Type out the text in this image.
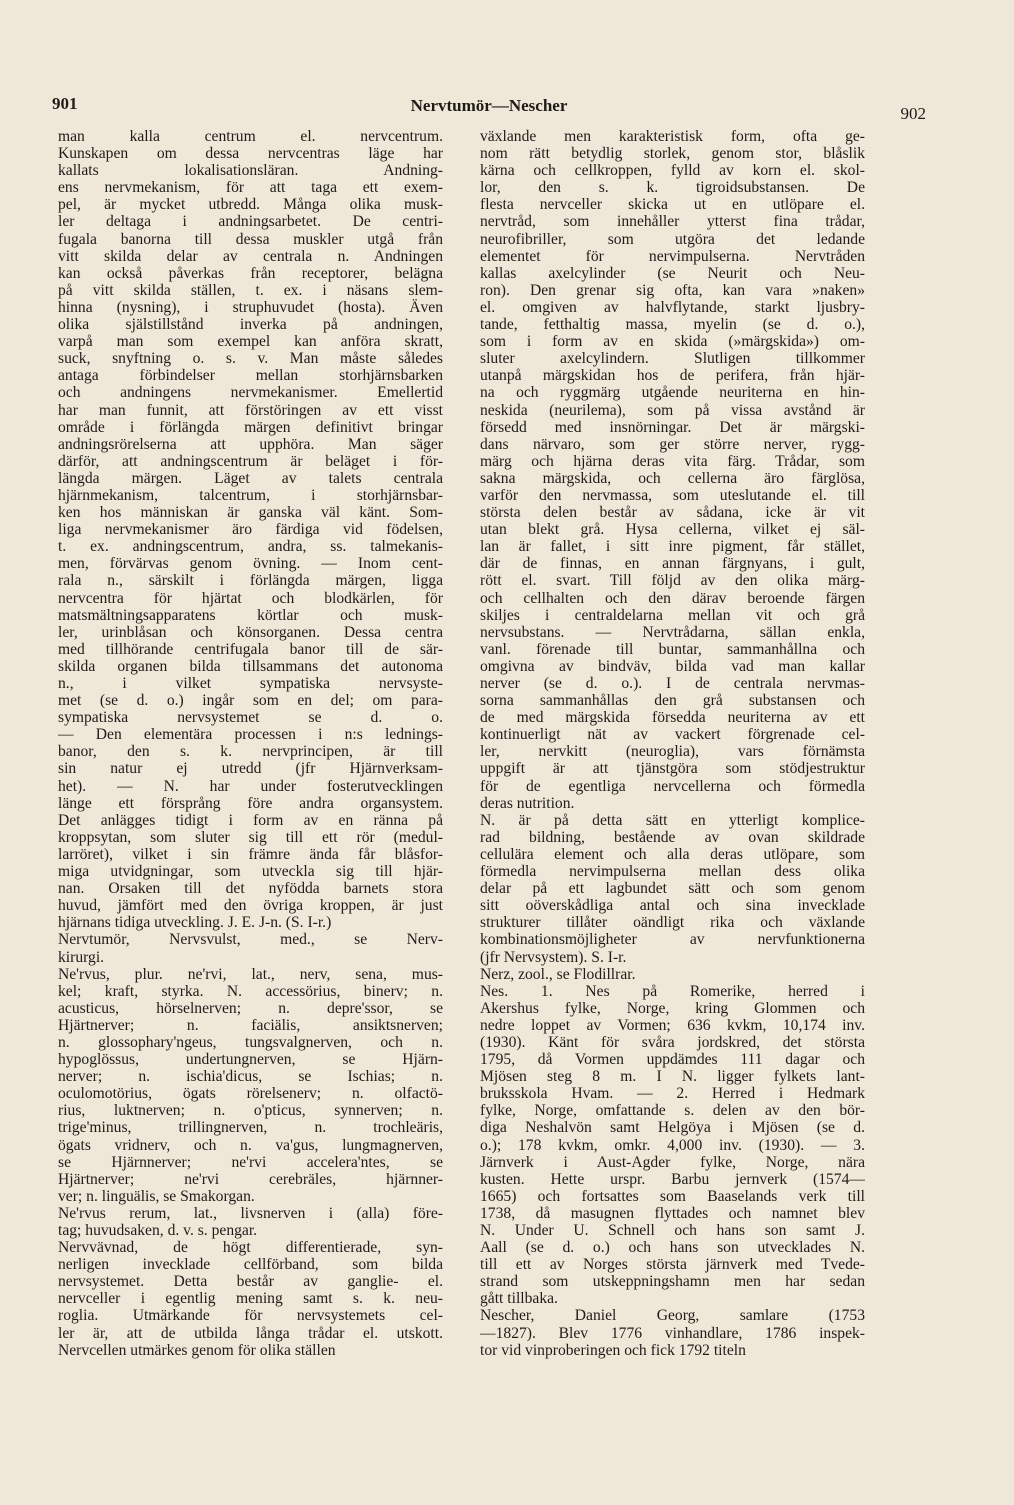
901	Nervtumör—Nescher	902
man kalla centrum el. nervcentrum.
Kunskapen om dessa nervcentras läge har
kallats lokalisationsläran. Andning-
ens nervmekanism, för att taga ett exem-
pel, är mycket utbredd. Många olika musk-
ler deltaga i andningsarbetet. De centri-
fugala banorna till dessa muskler utgå från
vitt skilda delar av centrala n. Andningen
kan också påverkas från receptorer, belägna
på vitt skilda ställen, t. ex. i näsans slem-
hinna (nysning), i struphuvudet (hosta). Även
olika själstillstånd inverka på andningen,
varpå man som exempel kan anföra skratt,
suck, snyftning o. s. v. Man måste således
antaga förbindelser mellan storhjärnsbarken
och andningens nervmekanismer. Emellertid
har man funnit, att förstöringen av ett visst
område i förlängda märgen definitivt bringar
andningsrörelserna att upphöra. Man säger
därför, att andningscentrum är beläget i för-
längda märgen. Läget av talets centrala
hjärnmekanism, talcentrum, i storhjärnsbar-
ken hos människan är ganska väl känt. Som-
liga nervmekanismer äro färdiga vid födelsen,
t. ex. andningscentrum, andra, ss. talmekanis-
men, förvärvas genom övning. — Inom cent-
rala n., särskilt i förlängda märgen, ligga
nervcentra för hjärtat och blodkärlen, för
matsmältningsapparatens körtlar och musk-
ler, urinblåsan och könsorganen. Dessa centra
med tillhörande centrifugala banor till de sär-
skilda organen bilda tillsammans det autonoma
n., i vilket sympatiska nervsyste-
met (se d. o.) ingår som en del; om para-
sympatiska nervsystemet se d. o.
— Den elementära processen i n:s lednings-
banor, den s. k. nervprincipen, är till
sin natur ej utredd (jfr Hjärnverksam-
het). — N. har under fosterutvecklingen
länge ett försprång före andra organsystem.
Det anlägges tidigt i form av en ränna på
kroppsytan, som sluter sig till ett rör (medul-
larröret), vilket i sin främre ända får blåsfor-
miga utvidgningar, som utveckla sig till hjär-
nan. Orsaken till det nyfödda barnets stora
huvud, jämfört med den övriga kroppen, är just
hjärnans tidiga utveckling. J. E. J-n. (S. I-r.)
Nervtumör, Nervsvulst, med., se Nerv-
kirurgi.
Ne'rvus, plur. ne'rvi, lat., nerv, sena, mus-
kel; kraft, styrka. N. accessörius, binerv; n.
acusticus, hörselnerven; n. depre'ssor, se
Hjärtnerver; n. faciälis, ansiktsnerven;
n. glossophary'ngeus, tungsvalgnerven, och n.
hypoglössus, undertungnerven, se Hjärn-
nerver; n. ischia'dicus, se Ischias; n.
oculomotörius, ögats rörelsenerv; n. olfactö-
rius, luktnerven; n. o'pticus, synnerven; n.
trige'minus, trillingnerven, n. trochleäris,
ögats vridnerv, och n. va'gus, lungmagnerven,
se Hjärnnerver; ne'rvi accelera'ntes, se
Hjärtnerver; ne'rvi cerebräles, hjärnner-
ver; n. linguälis, se Smakorgan.
Ne'rvus rerum, lat., livsnerven i (alla) före-
tag; huvudsaken, d. v. s. pengar.
Nervvävnad, de högt differentierade, syn-
nerligen invecklade cellförband, som bilda
nervsystemet. Detta består av ganglie- el.
nervceller i egentlig mening samt s. k. neu-
roglia. Utmärkande för nervsystemets cel-
ler är, att de utbilda långa trådar el. utskott.
Nervcellen utmärkes genom för olika ställen
växlande men karakteristisk form, ofta ge-
nom rätt betydlig storlek, genom stor, blåslik
kärna och cellkroppen, fylld av korn el. skol-
lor, den s. k. tigroidsubstansen. De
flesta nervceller skicka ut en utlöpare el.
nervtråd, som innehåller ytterst fina trådar,
neurofibriller, som utgöra det ledande
elementet för nervimpulserna. Nervtråden
kallas axelcylinder (se Neurit och Neu-
ron). Den grenar sig ofta, kan vara »naken»
el. omgiven av halvflytande, starkt ljusbry-
tande, fetthaltig massa, myelin (se d. o.),
som i form av en skida (»märgskida») om-
sluter axelcylindern. Slutligen tillkommer
utanpå märgskidan hos de perifera, från hjär-
na och ryggmärg utgående neuriterna en hin-
neskida (neurilema), som på vissa avstånd är
försedd med insnörningar. Det är märgski-
dans närvaro, som ger större nerver, rygg-
märg och hjärna deras vita färg. Trådar, som
sakna märgskida, och cellerna äro färglösa,
varför den nervmassa, som uteslutande el. till
största delen består av sådana, icke är vit
utan blekt grå. Hysa cellerna, vilket ej säl-
lan är fallet, i sitt inre pigment, får stället,
där de finnas, en annan färgnyans, i gult,
rött el. svart. Till följd av den olika märg-
och cellhalten och den därav beroende färgen
skiljes i centraldelarna mellan vit och grå
nervsubstans. — Nervtrådarna, sällan enkla,
vanl. förenade till buntar, sammanhållna och
omgivna av bindväv, bilda vad man kallar
nerver (se d. o.). I de centrala nervmas-
sorna sammanhållas den grå substansen och
de med märgskida försedda neuriterna av ett
kontinuerligt nät av vackert förgrenade cel-
ler, nervkitt (neuroglia), vars förnämsta
uppgift är att tjänstgöra som stödjestruktur
för de egentliga nervcellerna och förmedla
deras nutrition.
N. är på detta sätt en ytterligt komplice-
rad bildning, bestående av ovan skildrade
cellulära element och alla deras utlöpare, som
förmedla nervimpulserna mellan dess olika
delar på ett lagbundet sätt och som genom
sitt oöverskådliga antal och sina invecklade
strukturer tillåter oändligt rika och växlande
kombinationsmöjligheter av nervfunktionerna
(jfr Nervsystem). S. I-r.
Nerz, zool., se Flodillrar.
Nes. 1. Nes på Romerike, herred i
Akershus fylke, Norge, kring Glommen och
nedre loppet av Vormen; 636 kvkm, 10,174 inv.
(1930). Känt för svåra jordskred, det största
1795, då Vormen uppdämdes 111 dagar och
Mjösen steg 8 m. I N. ligger fylkets lant-
bruksskola Hvam. — 2. Herred i Hedmark
fylke, Norge, omfattande s. delen av den bör-
diga Neshalvön samt Helgöya i Mjösen (se d.
o.); 178 kvkm, omkr. 4,000 inv. (1930). — 3.
Järnverk i Aust-Agder fylke, Norge, nära
kusten. Hette urspr. Barbu jernverk (1574—
1665) och fortsattes som Baaselands verk till
1738, då masugnen flyttades och namnet blev
N. Under U. Schnell och hans son samt J.
Aall (se d. o.) och hans son utvecklades N.
till ett av Norges största järnverk med Tvede-
strand som utskeppningshamn men har sedan
gått tillbaka.
Nescher, Daniel Georg, samlare (1753
—1827). Blev 1776 vinhandlare, 1786 inspek-
tor vid vinproberingen och fick 1792 titeln
